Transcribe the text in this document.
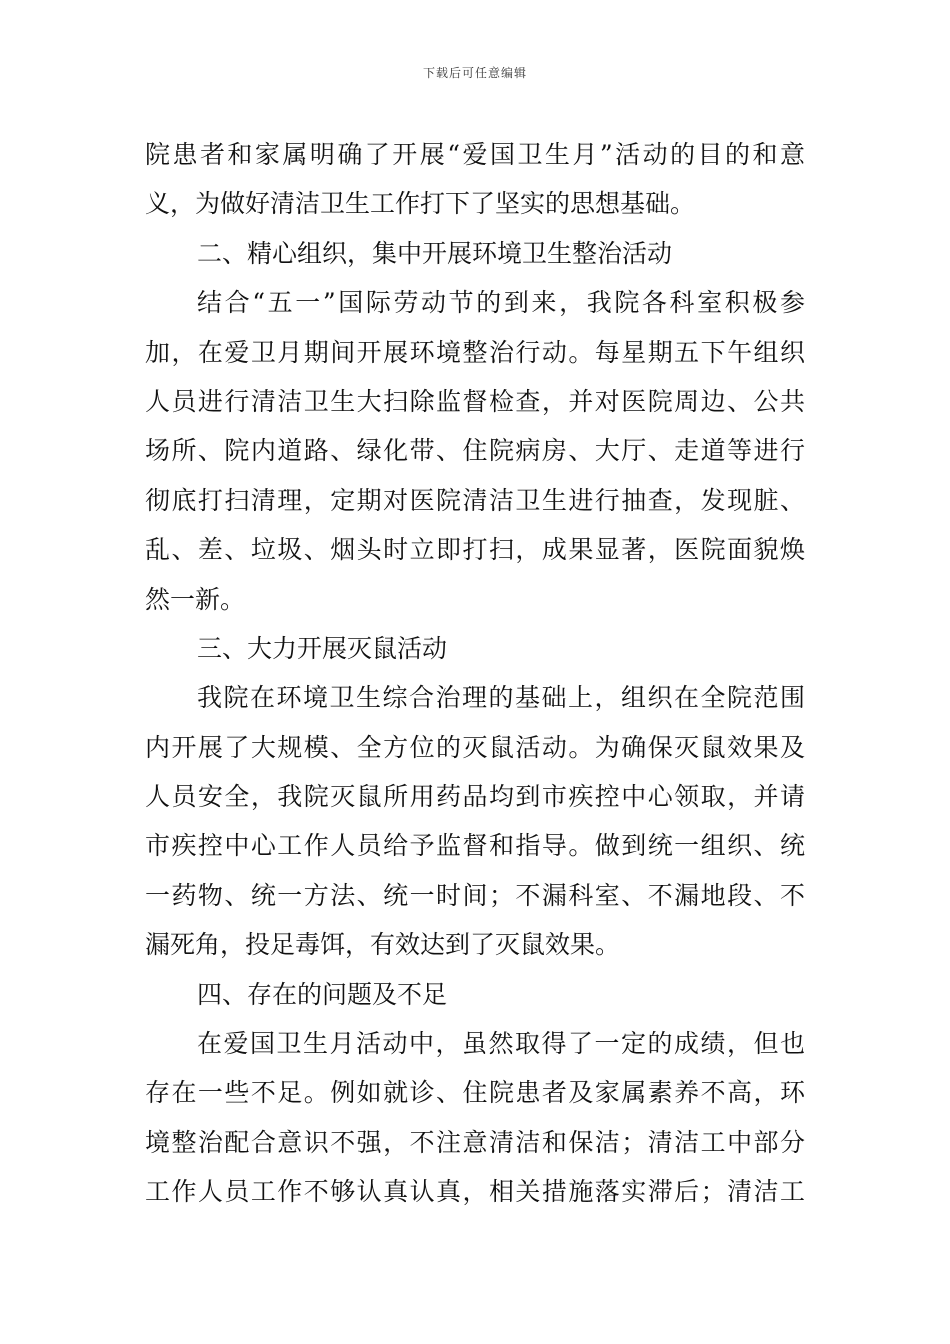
下载后可任意编辑
院患者和家属明确了开展“爱国卫生月”活动的目的和意
义，为做好清洁卫生工作打下了坚实的思想基础。
二、精心组织，集中开展环境卫生整治活动
结合“五一”国际劳动节的到来，我院各科室积极参
加，在爱卫月期间开展环境整治行动。每星期五下午组织
人员进行清洁卫生大扫除监督检查，并对医院周边、公共
场所、院内道路、绿化带、住院病房、大厅、走道等进行
彻底打扫清理，定期对医院清洁卫生进行抽查，发现脏、
乱、差、垃圾、烟头时立即打扫，成果显著，医院面貌焕
然一新。
三、大力开展灭鼠活动
我院在环境卫生综合治理的基础上，组织在全院范围
内开展了大规模、全方位的灭鼠活动。为确保灭鼠效果及
人员安全，我院灭鼠所用药品均到市疾控中心领取，并请
市疾控中心工作人员给予监督和指导。做到统一组织、统
一药物、统一方法、统一时间；不漏科室、不漏地段、不
漏死角，投足毒饵，有效达到了灭鼠效果。
四、存在的问题及不足
在爱国卫生月活动中，虽然取得了一定的成绩，但也
存在一些不足。例如就诊、住院患者及家属素养不高，环
境整治配合意识不强，不注意清洁和保洁；清洁工中部分
工作人员工作不够认真认真，相关措施落实滞后；清洁工
